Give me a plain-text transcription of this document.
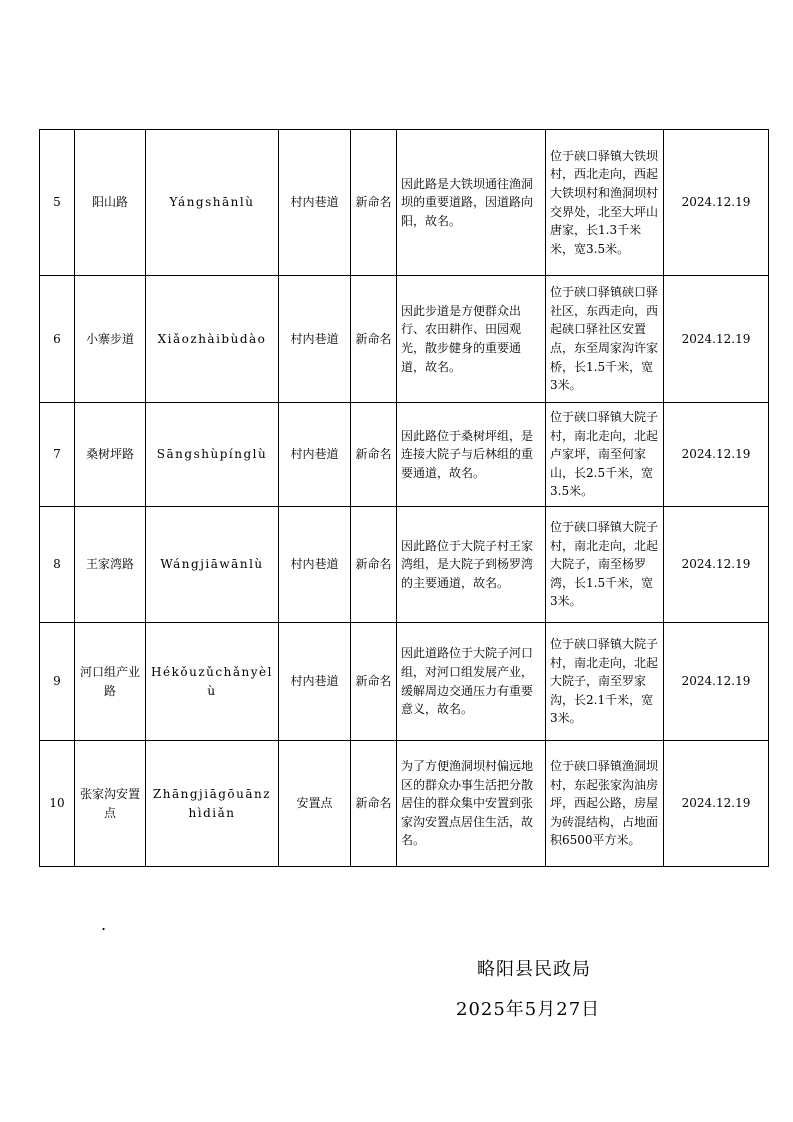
5	阳山路	Yángshānlù	村内巷道	新命名	因此路是大铁坝通往渔洞坝的重要道路，因道路向阳，故名。	位于硖口驿镇大铁坝村，西北走向，西起大铁坝村和渔洞坝村交界处，北至大坪山唐家，长1.3千米米，宽3.5米。	2024.12.19
6	小寨步道	Xiǎozhàibùdào	村内巷道	新命名	因此步道是方便群众出行、农田耕作、田园观光，散步健身的重要通道，故名。	位于硖口驿镇硖口驿社区，东西走向，西起硖口驿社区安置点，东至周家沟许家桥，长1.5千米，宽3米。	2024.12.19
7	桑树坪路	Sāngshùpínglù	村内巷道	新命名	因此路位于桑树坪组，是连接大院子与后林组的重要通道，故名。	位于硖口驿镇大院子村，南北走向，北起卢家坪，南至何家山，长2.5千米，宽3.5米。	2024.12.19
8	王家湾路	Wángjiāwānlù	村内巷道	新命名	因此路位于大院子村王家湾组，是大院子到杨罗湾的主要通道，故名。	位于硖口驿镇大院子村，南北走向，北起大院子，南至杨罗湾，长1.5千米，宽3米。	2024.12.19
9	河口组产业路	Hékǒuzǔchǎnyèlù	村内巷道	新命名	因此道路位于大院子河口组，对河口组发展产业，缓解周边交通压力有重要意义，故名。	位于硖口驿镇大院子村，南北走向，北起大院子，南至罗家沟，长2.1千米，宽3米。	2024.12.19
10	张家沟安置点	Zhāngjiāgōuānzhìdiǎn	安置点	新命名	为了方便渔洞坝村偏远地区的群众办事生活把分散居住的群众集中安置到张家沟安置点居住生活，故名。	位于硖口驿镇渔洞坝村，东起张家沟油房坪，西起公路，房屋为砖混结构，占地面积6500平方米。	2024.12.19
.
略阳县民政局
2025年5月27日
